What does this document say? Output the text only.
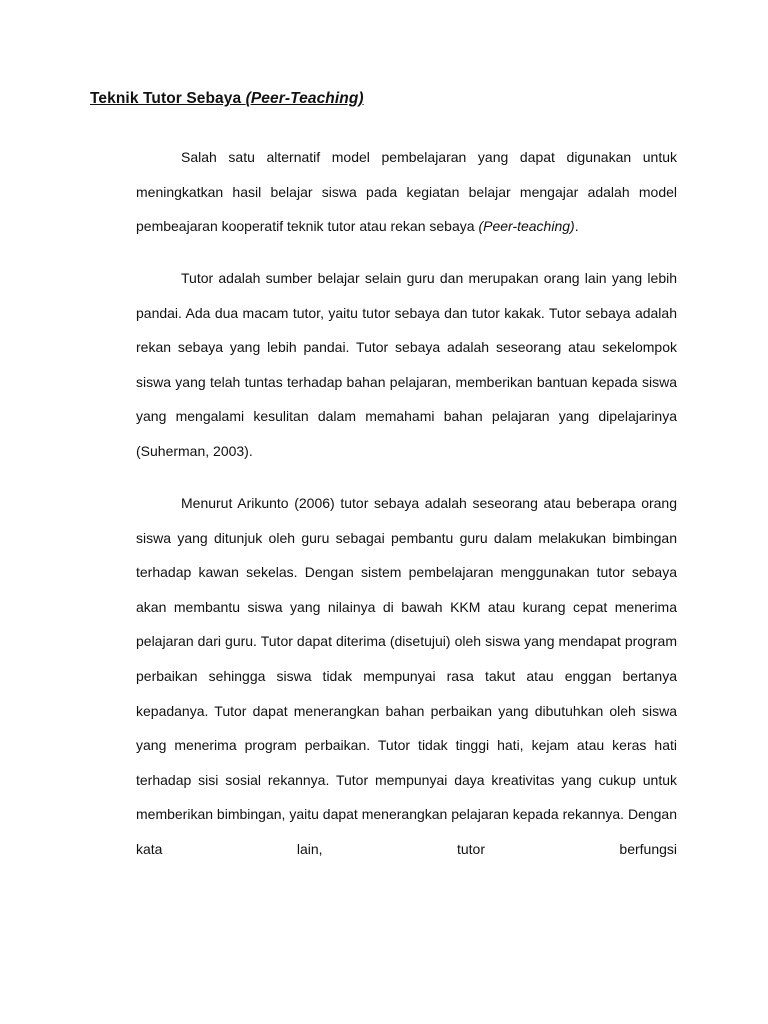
Teknik Tutor Sebaya (Peer-Teaching)

Salah satu alternatif model pembelajaran yang dapat digunakan untuk meningkatkan hasil belajar siswa pada kegiatan belajar mengajar adalah model pembeajaran kooperatif teknik tutor atau rekan sebaya (Peer-teaching).

Tutor adalah sumber belajar selain guru dan merupakan orang lain yang lebih pandai. Ada dua macam tutor, yaitu tutor sebaya dan tutor kakak. Tutor sebaya adalah rekan sebaya yang lebih pandai. Tutor sebaya adalah seseorang atau sekelompok siswa yang telah tuntas terhadap bahan pelajaran, memberikan bantuan kepada siswa yang mengalami kesulitan dalam memahami bahan pelajaran yang dipelajarinya (Suherman, 2003).

Menurut Arikunto (2006) tutor sebaya adalah seseorang atau beberapa orang siswa yang ditunjuk oleh guru sebagai pembantu guru dalam melakukan bimbingan terhadap kawan sekelas. Dengan sistem pembelajaran menggunakan tutor sebaya akan membantu siswa yang nilainya di bawah KKM atau kurang cepat menerima pelajaran dari guru. Tutor dapat diterima (disetujui) oleh siswa yang mendapat program perbaikan sehingga siswa tidak mempunyai rasa takut atau enggan bertanya kepadanya. Tutor dapat menerangkan bahan perbaikan yang dibutuhkan oleh siswa yang menerima program perbaikan. Tutor tidak tinggi hati, kejam atau keras hati terhadap sisi sosial rekannya. Tutor mempunyai daya kreativitas yang cukup untuk memberikan bimbingan, yaitu dapat menerangkan pelajaran kepada rekannya. Dengan kata lain, tutor berfungsi
